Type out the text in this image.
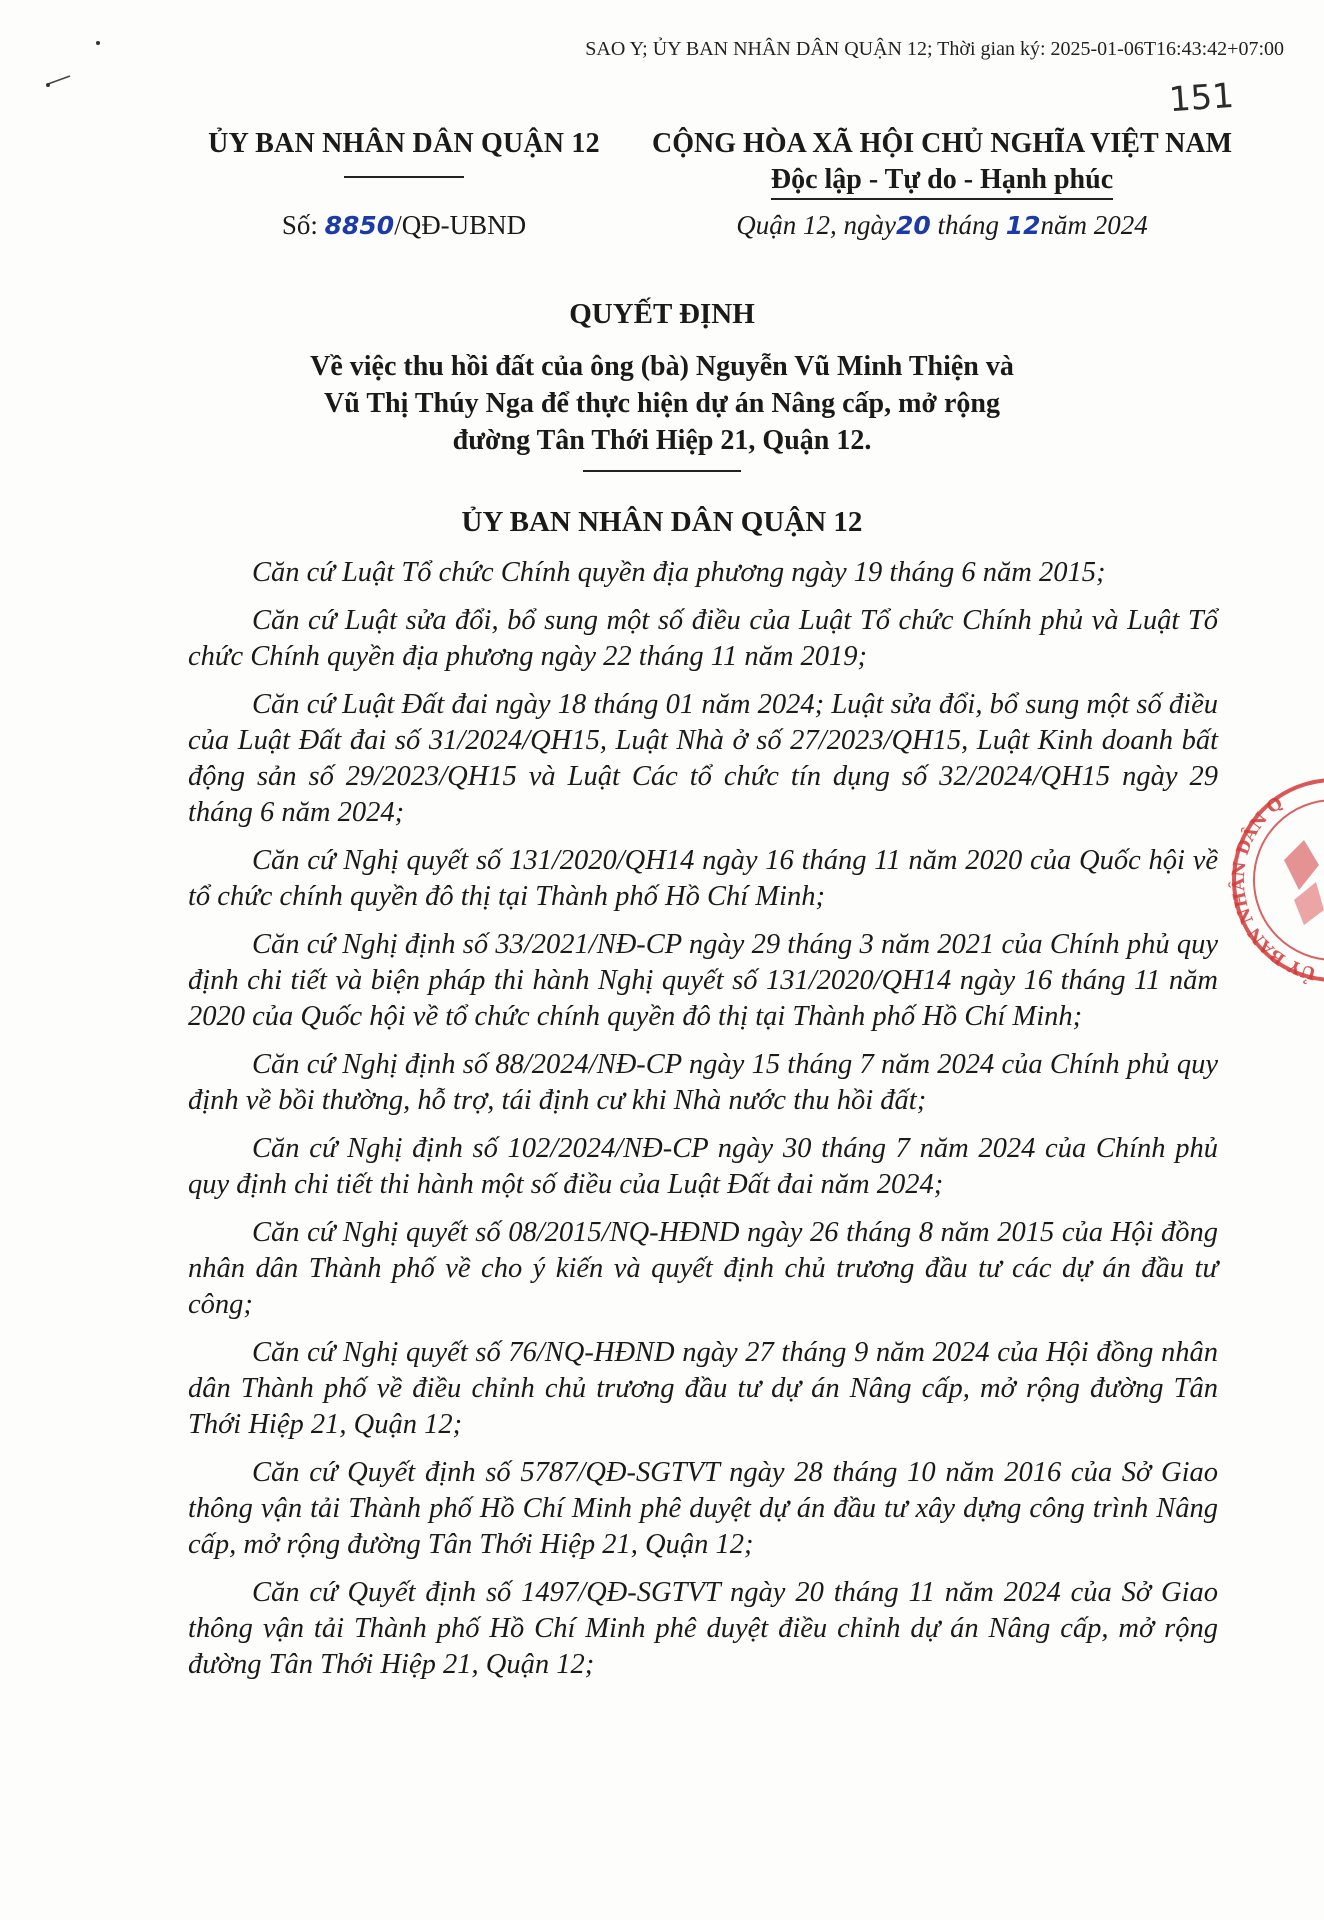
SAO Y; ỦY BAN NHÂN DÂN QUẬN 12; Thời gian ký: 2025-01-06T16:43:42+07:00
151
ỦY BAN NHÂN DÂN QUẬN 12	CỘNG HÒA XÃ HỘI CHỦ NGHĨA VIỆT NAM
Độc lập - Tự do - Hạnh phúc
Số: 8850/QĐ-UBND	Quận 12, ngày20 tháng 12năm 2024
QUYẾT ĐỊNH
Về việc thu hồi đất của ông (bà) Nguyễn Vũ Minh Thiện và
Vũ Thị Thúy Nga để thực hiện dự án Nâng cấp, mở rộng
đường Tân Thới Hiệp 21, Quận 12.
ỦY BAN NHÂN DÂN QUẬN 12

Căn cứ Luật Tổ chức Chính quyền địa phương ngày 19 tháng 6 năm 2015;

Căn cứ Luật sửa đổi, bổ sung một số điều của Luật Tổ chức Chính phủ và Luật Tổ chức Chính quyền địa phương ngày 22 tháng 11 năm 2019;

Căn cứ Luật Đất đai ngày 18 tháng 01 năm 2024; Luật sửa đổi, bổ sung một số điều của Luật Đất đai số 31/2024/QH15, Luật Nhà ở số 27/2023/QH15, Luật Kinh doanh bất động sản số 29/2023/QH15 và Luật Các tổ chức tín dụng số 32/2024/QH15 ngày 29 tháng 6 năm 2024;

Căn cứ Nghị quyết số 131/2020/QH14 ngày 16 tháng 11 năm 2020 của Quốc hội về tổ chức chính quyền đô thị tại Thành phố Hồ Chí Minh;

Căn cứ Nghị định số 33/2021/NĐ-CP ngày 29 tháng 3 năm 2021 của Chính phủ quy định chi tiết và biện pháp thi hành Nghị quyết số 131/2020/QH14 ngày 16 tháng 11 năm 2020 của Quốc hội về tổ chức chính quyền đô thị tại Thành phố Hồ Chí Minh;

Căn cứ Nghị định số 88/2024/NĐ-CP ngày 15 tháng 7 năm 2024 của Chính phủ quy định về bồi thường, hỗ trợ, tái định cư khi Nhà nước thu hồi đất;

Căn cứ Nghị định số 102/2024/NĐ-CP ngày 30 tháng 7 năm 2024 của Chính phủ quy định chi tiết thi hành một số điều của Luật Đất đai năm 2024;

Căn cứ Nghị quyết số 08/2015/NQ-HĐND ngày 26 tháng 8 năm 2015 của Hội đồng nhân dân Thành phố về cho ý kiến và quyết định chủ trương đầu tư các dự án đầu tư công;

Căn cứ Nghị quyết số 76/NQ-HĐND ngày 27 tháng 9 năm 2024 của Hội đồng nhân dân Thành phố về điều chỉnh chủ trương đầu tư dự án Nâng cấp, mở rộng đường Tân Thới Hiệp 21, Quận 12;

Căn cứ Quyết định số 5787/QĐ-SGTVT ngày 28 tháng 10 năm 2016 của Sở Giao thông vận tải Thành phố Hồ Chí Minh phê duyệt dự án đầu tư xây dựng công trình Nâng cấp, mở rộng đường Tân Thới Hiệp 21, Quận 12;

Căn cứ Quyết định số 1497/QĐ-SGTVT ngày 20 tháng 11 năm 2024 của Sở Giao thông vận tải Thành phố Hồ Chí Minh phê duyệt điều chỉnh dự án Nâng cấp, mở rộng đường Tân Thới Hiệp 21, Quận 12;

ỦY BAN NHÂN DÂN Q
